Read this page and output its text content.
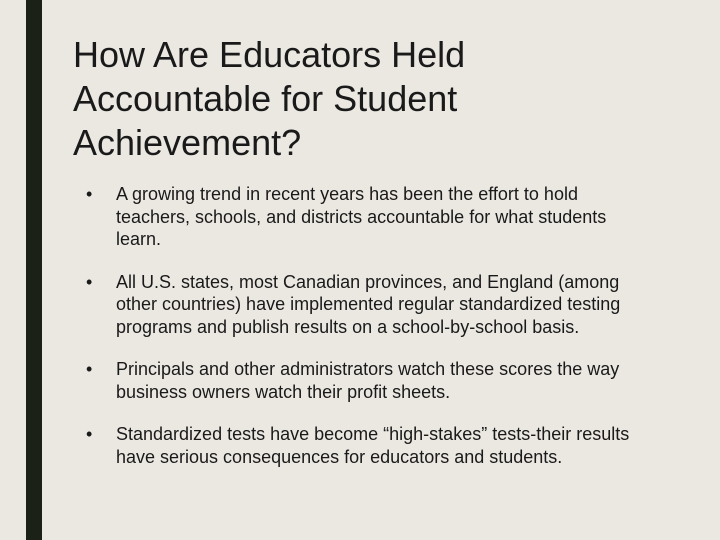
How Are Educators Held
Accountable for Student
Achievement?
• A growing trend in recent years has been the effort to hold teachers, schools, and districts accountable for what students learn.
• All U.S. states, most Canadian provinces, and England (among other countries) have implemented regular standardized testing programs and publish results on a school-by-school basis.
• Principals and other administrators watch these scores the way business owners watch their profit sheets.
• Standardized tests have become “high-stakes” tests-their results have serious consequences for educators and students.
